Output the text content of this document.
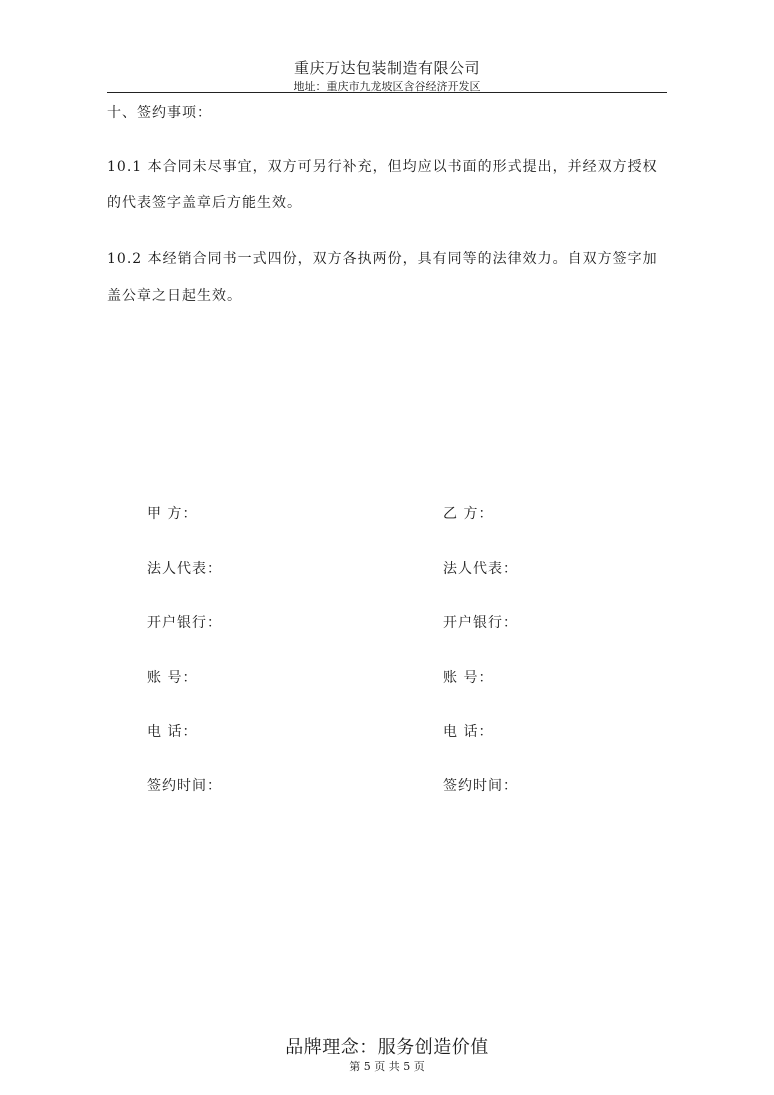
重庆万达包装制造有限公司
地址：重庆市九龙坡区含谷经济开发区
十、签约事项：
10.1 本合同未尽事宜，双方可另行补充，但均应以书面的形式提出，并经双方授权
的代表签字盖章后方能生效。
10.2 本经销合同书一式四份，双方各执两份，具有同等的法律效力。自双方签字加
盖公章之日起生效。
甲 方：
法人代表：
开户银行：
账 号：
电 话：
签约时间：
乙 方：
法人代表：
开户银行：
账 号：
电 话：
签约时间：
品牌理念：服务创造价值
第 5 页 共 5 页
